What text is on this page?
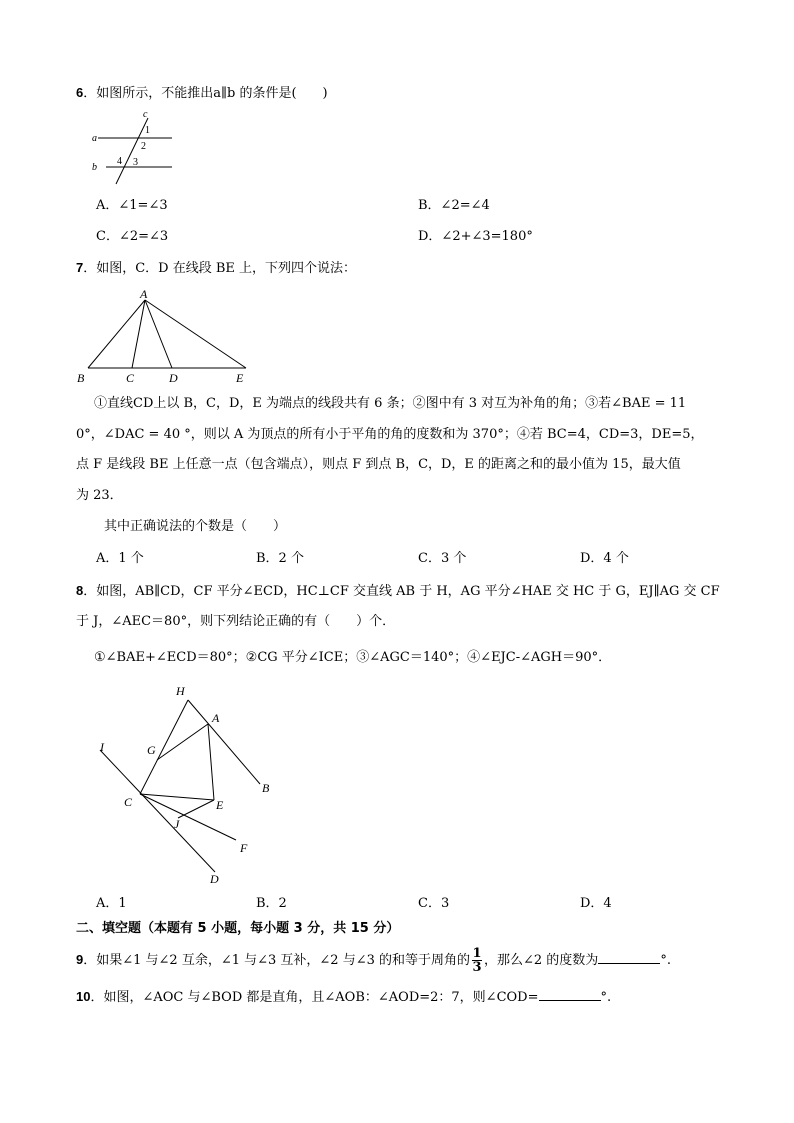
6．如图所示，不能推出a∥b 的条件是(　　)
a
b
c
1
2
3
4
A．∠1=∠3	B．∠2=∠4
C．∠2=∠3	D．∠2+∠3=180°
7．如图，C．D 在线段 BE 上，下列四个说法：
A
B	C	D	E
①直线CD上以 B，C，D，E 为端点的线段共有 6 条；②图中有 3 对互为补角的角；③若∠BAE = 11
0°，∠DAC = 40 °，则以 A 为顶点的所有小于平角的角的度数和为 370°；④若 BC=4，CD=3，DE=5，
点 F 是线段 BE 上任意一点（包含端点），则点 F 到点 B，C，D，E 的距离之和的最小值为 15，最大值
为 23．
其中正确说法的个数是（　　）
A．1 个	B．2 个	C．3 个	D．4 个
8．如图，AB∥CD，CF 平分∠ECD，HC⊥CF 交直线 AB 于 H，AG 平分∠HAE 交 HC 于 G，EJ∥AG 交 CF
于 J，∠AEC＝80°，则下列结论正确的有（　　）个．
①∠BAE+∠ECD＝80°；②CG 平分∠ICE；③∠AGC＝140°；④∠EJC-∠AGH＝90°．
H
A
G
I
B
C	E
J
F
D
A．1	B．2	C．3	D．4
二、填空题（本题有 5 小题，每小题 3 分，共 15 分）
9．如果∠1 与∠2 互余，∠1 与∠3 互补，∠2 与∠3 的和等于周角的 $\frac{1}{3}$ ，那么∠2 的度数为	°.
10．如图，∠AOC 与∠BOD 都是直角，且∠AOB：∠AOD=2：7，则∠COD=	°.
